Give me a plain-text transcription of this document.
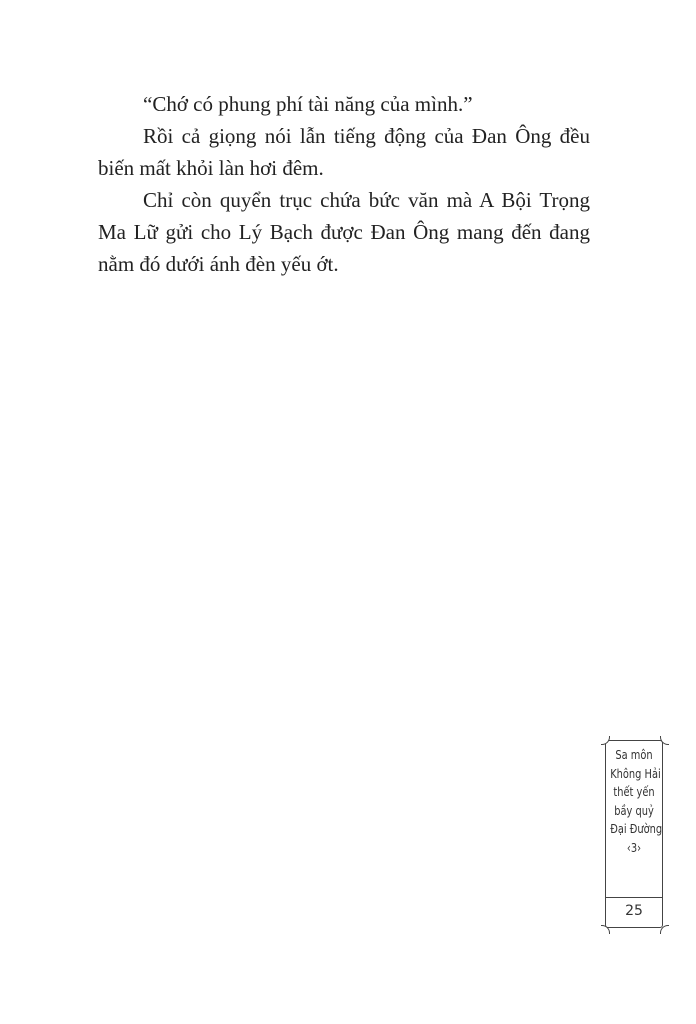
“Chớ có phung phí tài năng của mình.”

Rồi cả giọng nói lẫn tiếng động của Đan Ông đều biến mất khỏi làn hơi đêm.

Chỉ còn quyển trục chứa bức văn mà A Bội Trọng Ma Lữ gửi cho Lý Bạch được Đan Ông mang đến đang nằm đó dưới ánh đèn yếu ớt.

Sa môn
Không Hải
thết yến
bầy quỷ
Đại Đường
‹3›
25
